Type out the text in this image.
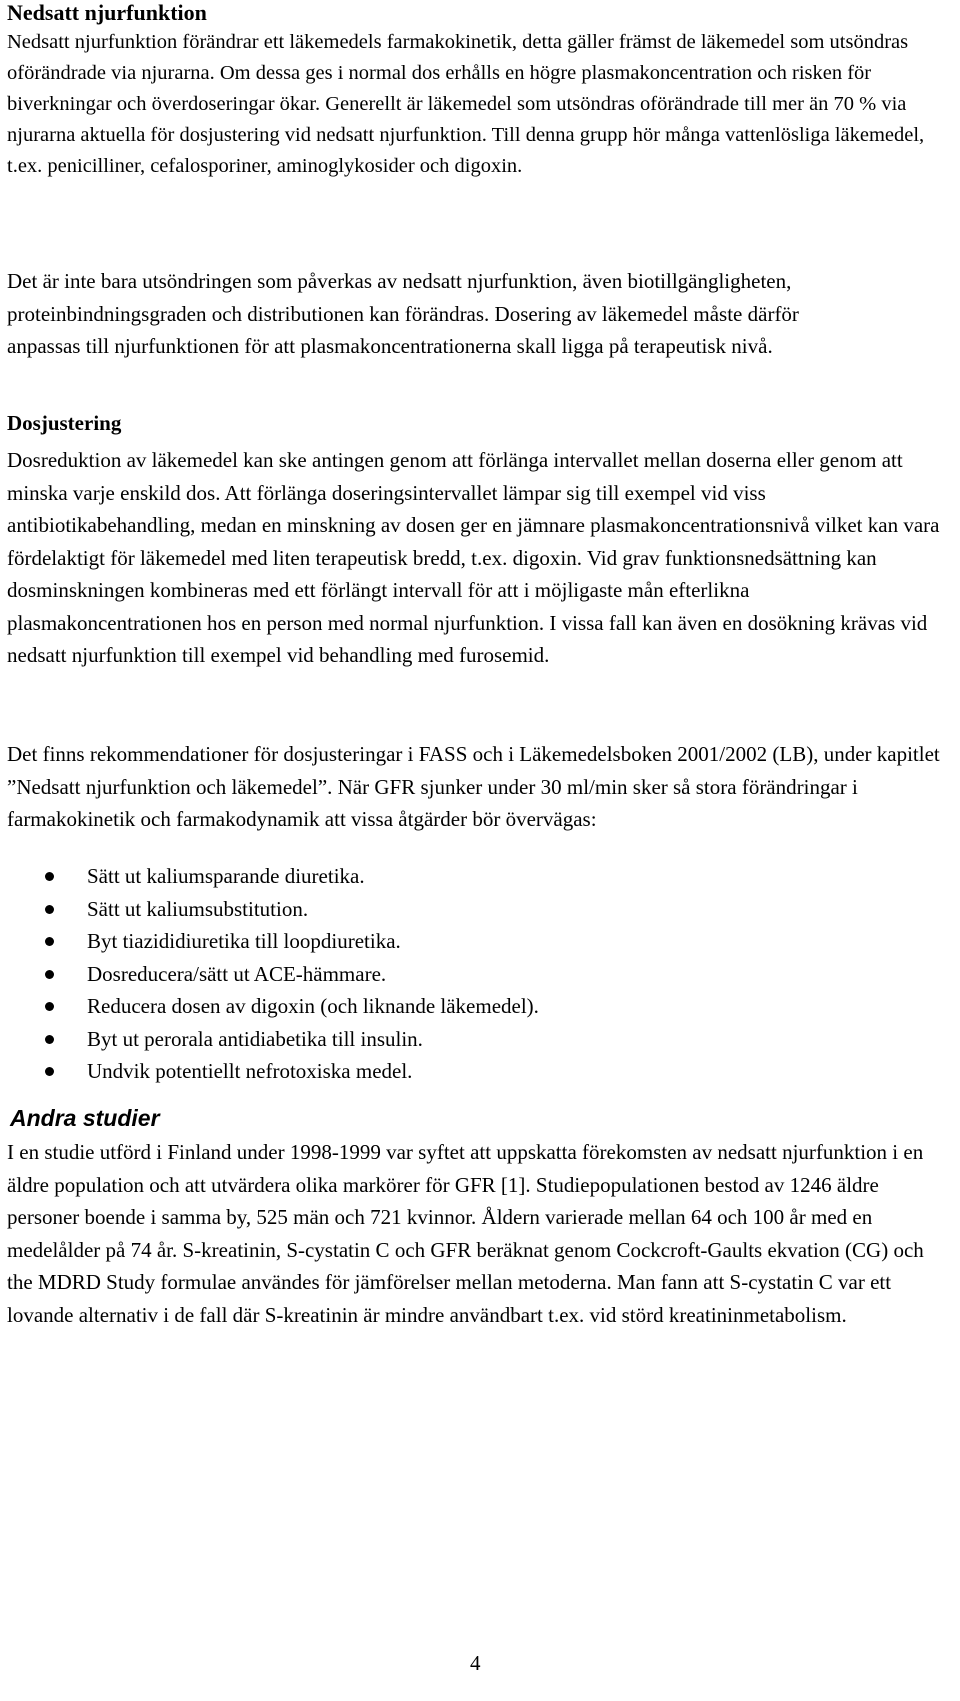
Nedsatt njurfunktion

Nedsatt njurfunktion förändrar ett läkemedels farmakokinetik, detta gäller främst de läkemedel som utsöndras oförändrade via njurarna. Om dessa ges i normal dos erhålls en högre plasmakoncentration och risken för biverkningar och överdoseringar ökar. Generellt är läkemedel som utsöndras oförändrade till mer än 70 % via njurarna aktuella för dosjustering vid nedsatt njurfunktion. Till denna grupp hör många vattenlösliga läkemedel, t.ex. penicilliner, cefalosporiner, aminoglykosider och digoxin.

Det är inte bara utsöndringen som påverkas av nedsatt njurfunktion, även biotillgängligheten, proteinbindningsgraden och distributionen kan förändras. Dosering av läkemedel måste därför anpassas till njurfunktionen för att plasmakoncentrationerna skall ligga på terapeutisk nivå.

Dosjustering

Dosreduktion av läkemedel kan ske antingen genom att förlänga intervallet mellan doserna eller genom att minska varje enskild dos. Att förlänga doseringsintervallet lämpar sig till exempel vid viss antibiotikabehandling, medan en minskning av dosen ger en jämnare plasmakoncentrationsnivå vilket kan vara fördelaktigt för läkemedel med liten terapeutisk bredd, t.ex. digoxin. Vid grav funktionsnedsättning kan dosminskningen kombineras med ett förlängt intervall för att i möjligaste mån efterlikna plasmakoncentrationen hos en person med normal njurfunktion. I vissa fall kan även en dosökning krävas vid nedsatt njurfunktion till exempel vid behandling med furosemid.

Det finns rekommendationer för dosjusteringar i FASS och i Läkemedelsboken 2001/2002 (LB), under kapitlet ”Nedsatt njurfunktion och läkemedel”. När GFR sjunker under 30 ml/min sker så stora förändringar i farmakokinetik och farmakodynamik att vissa åtgärder bör övervägas:

Sätt ut kaliumsparande diuretika.
Sätt ut kaliumsubstitution.
Byt tiazididiuretika till loopdiuretika.
Dosreducera/sätt ut ACE-hämmare.
Reducera dosen av digoxin (och liknande läkemedel).
Byt ut perorala antidiabetika till insulin.
Undvik potentiellt nefrotoxiska medel.
Andra studier

I en studie utförd i Finland under 1998-1999 var syftet att uppskatta förekomsten av nedsatt njurfunktion i en äldre population och att utvärdera olika markörer för GFR [1]. Studiepopulationen bestod av 1246 äldre personer boende i samma by, 525 män och 721 kvinnor. Åldern varierade mellan 64 och 100 år med en medelålder på 74 år. S-kreatinin, S-cystatin C och GFR beräknat genom Cockcroft-Gaults ekvation (CG) och the MDRD Study formulae användes för jämförelser mellan metoderna. Man fann att S-cystatin C var ett lovande alternativ i de fall där S-kreatinin är mindre användbart t.ex. vid störd kreatininmetabolism.

4
